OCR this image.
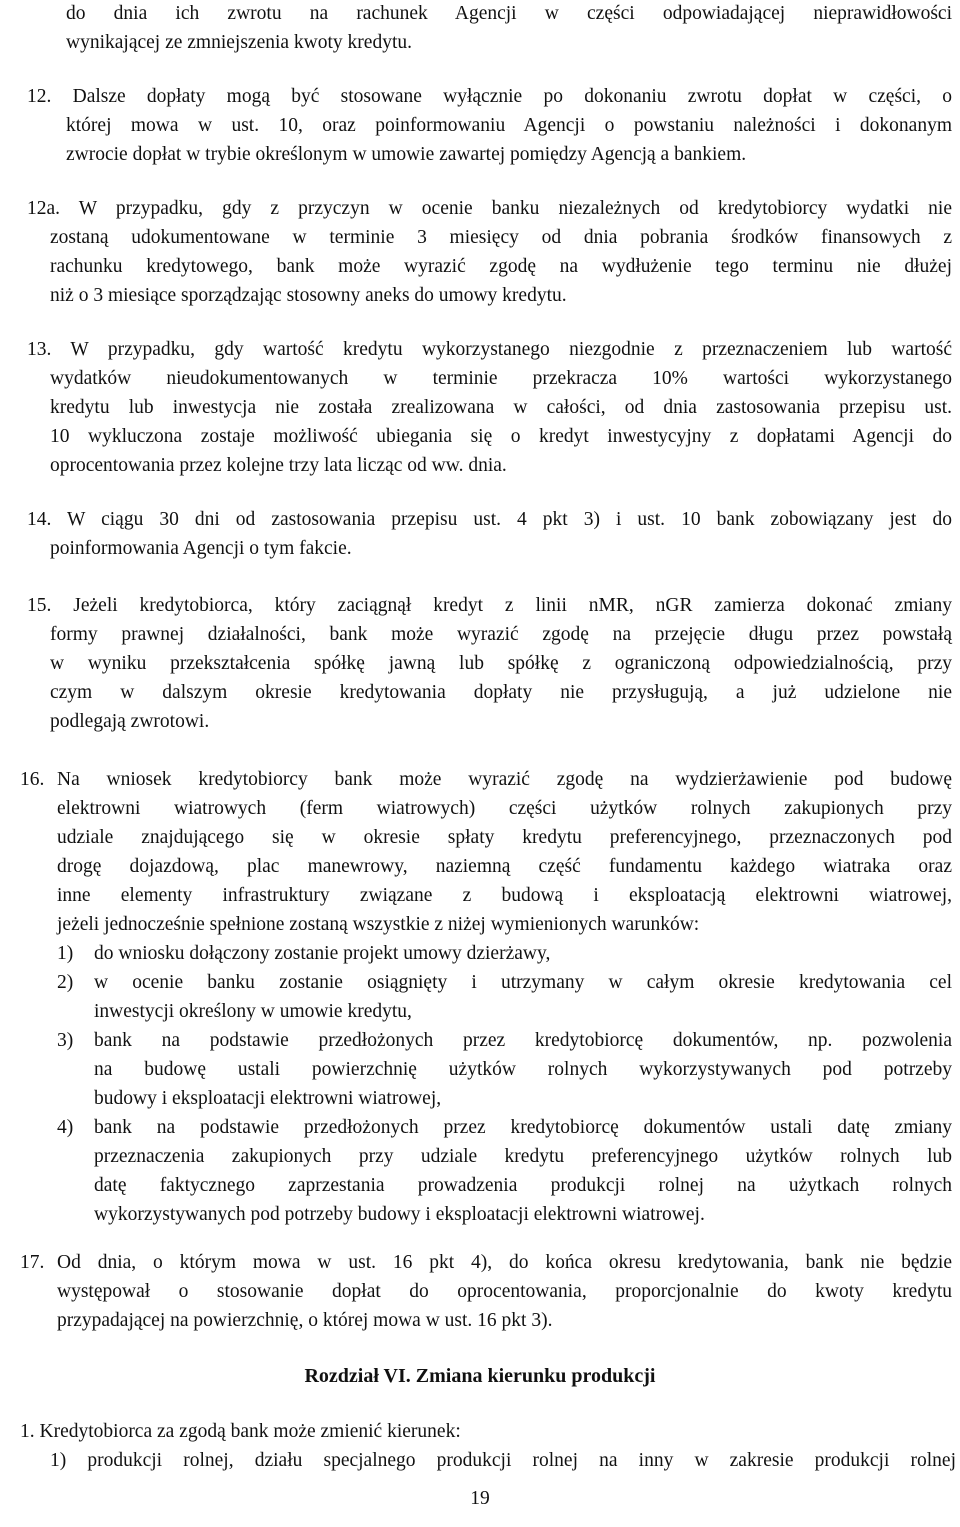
Rozdział VI. Zmiana kierunku produkcji
19
do dnia ich zwrotu na rachunek Agencji w części odpowiadającej nieprawidłowości
wynikającej ze zmniejszenia kwoty kredytu.
12. Dalsze dopłaty mogą być stosowane wyłącznie po dokonaniu zwrotu dopłat w części, o
której mowa w ust. 10, oraz poinformowaniu Agencji o powstaniu należności i dokonanym
zwrocie dopłat w trybie określonym w umowie zawartej pomiędzy Agencją a bankiem.
12a. W przypadku, gdy z przyczyn w ocenie banku niezależnych od kredytobiorcy wydatki nie
zostaną udokumentowane w terminie 3 miesięcy od dnia pobrania środków finansowych z
rachunku kredytowego, bank może wyrazić zgodę na wydłużenie tego terminu nie dłużej
niż o 3 miesiące sporządzając stosowny aneks do umowy kredytu.
13. W przypadku, gdy wartość kredytu wykorzystanego niezgodnie z przeznaczeniem lub wartość
wydatków nieudokumentowanych w terminie przekracza 10% wartości wykorzystanego
kredytu lub inwestycja nie została zrealizowana w całości, od dnia zastosowania przepisu ust.
10 wykluczona zostaje możliwość ubiegania się o kredyt inwestycyjny z dopłatami Agencji do
oprocentowania przez kolejne trzy lata licząc od ww. dnia.
14. W ciągu 30 dni od zastosowania przepisu ust. 4 pkt 3) i ust. 10 bank zobowiązany jest do
poinformowania Agencji o tym fakcie.
15. Jeżeli kredytobiorca, który zaciągnął kredyt z linii nMR, nGR zamierza dokonać zmiany
formy prawnej działalności, bank może wyrazić zgodę na przejęcie długu przez powstałą
w wyniku przekształcenia spółkę jawną lub spółkę z ograniczoną odpowiedzialnością, przy
czym w dalszym okresie kredytowania dopłaty nie przysługują, a już udzielone nie
podlegają zwrotowi.
Na wniosek kredytobiorcy bank może wyrazić zgodę na wydzierżawienie pod budowę
elektrowni wiatrowych (ferm wiatrowych) części użytków rolnych zakupionych przy
udziale znajdującego się w okresie spłaty kredytu preferencyjnego, przeznaczonych pod
drogę dojazdową, plac manewrowy, naziemną część fundamentu każdego wiatraka oraz
inne elementy infrastruktury związane z budową i eksploatacją elektrowni wiatrowej,
jeżeli jednocześnie spełnione zostaną wszystkie z niżej wymienionych warunków:
do wniosku dołączony zostanie projekt umowy dzierżawy,
w ocenie banku zostanie osiągnięty i utrzymany w całym okresie kredytowania cel
inwestycji określony w umowie kredytu,
bank na podstawie przedłożonych przez kredytobiorcę dokumentów, np. pozwolenia
na budowę ustali powierzchnię użytków rolnych wykorzystywanych pod potrzeby
budowy i eksploatacji elektrowni wiatrowej,
bank na podstawie przedłożonych przez kredytobiorcę dokumentów ustali datę zmiany
przeznaczenia zakupionych przy udziale kredytu preferencyjnego użytków rolnych lub
datę faktycznego zaprzestania prowadzenia produkcji rolnej na użytkach rolnych
wykorzystywanych pod potrzeby budowy i eksploatacji elektrowni wiatrowej.
Od dnia, o którym mowa w ust. 16 pkt 4), do końca okresu kredytowania, bank nie będzie
występował o stosowanie dopłat do oprocentowania, proporcjonalnie do kwoty kredytu
przypadającej na powierzchnię, o której mowa w ust. 16 pkt 3).
1. Kredytobiorca za zgodą bank może zmienić kierunek:
1) produkcji rolnej, działu specjalnego produkcji rolnej na inny w zakresie produkcji rolnej
16.
17.
1)
2)
3)
4)
